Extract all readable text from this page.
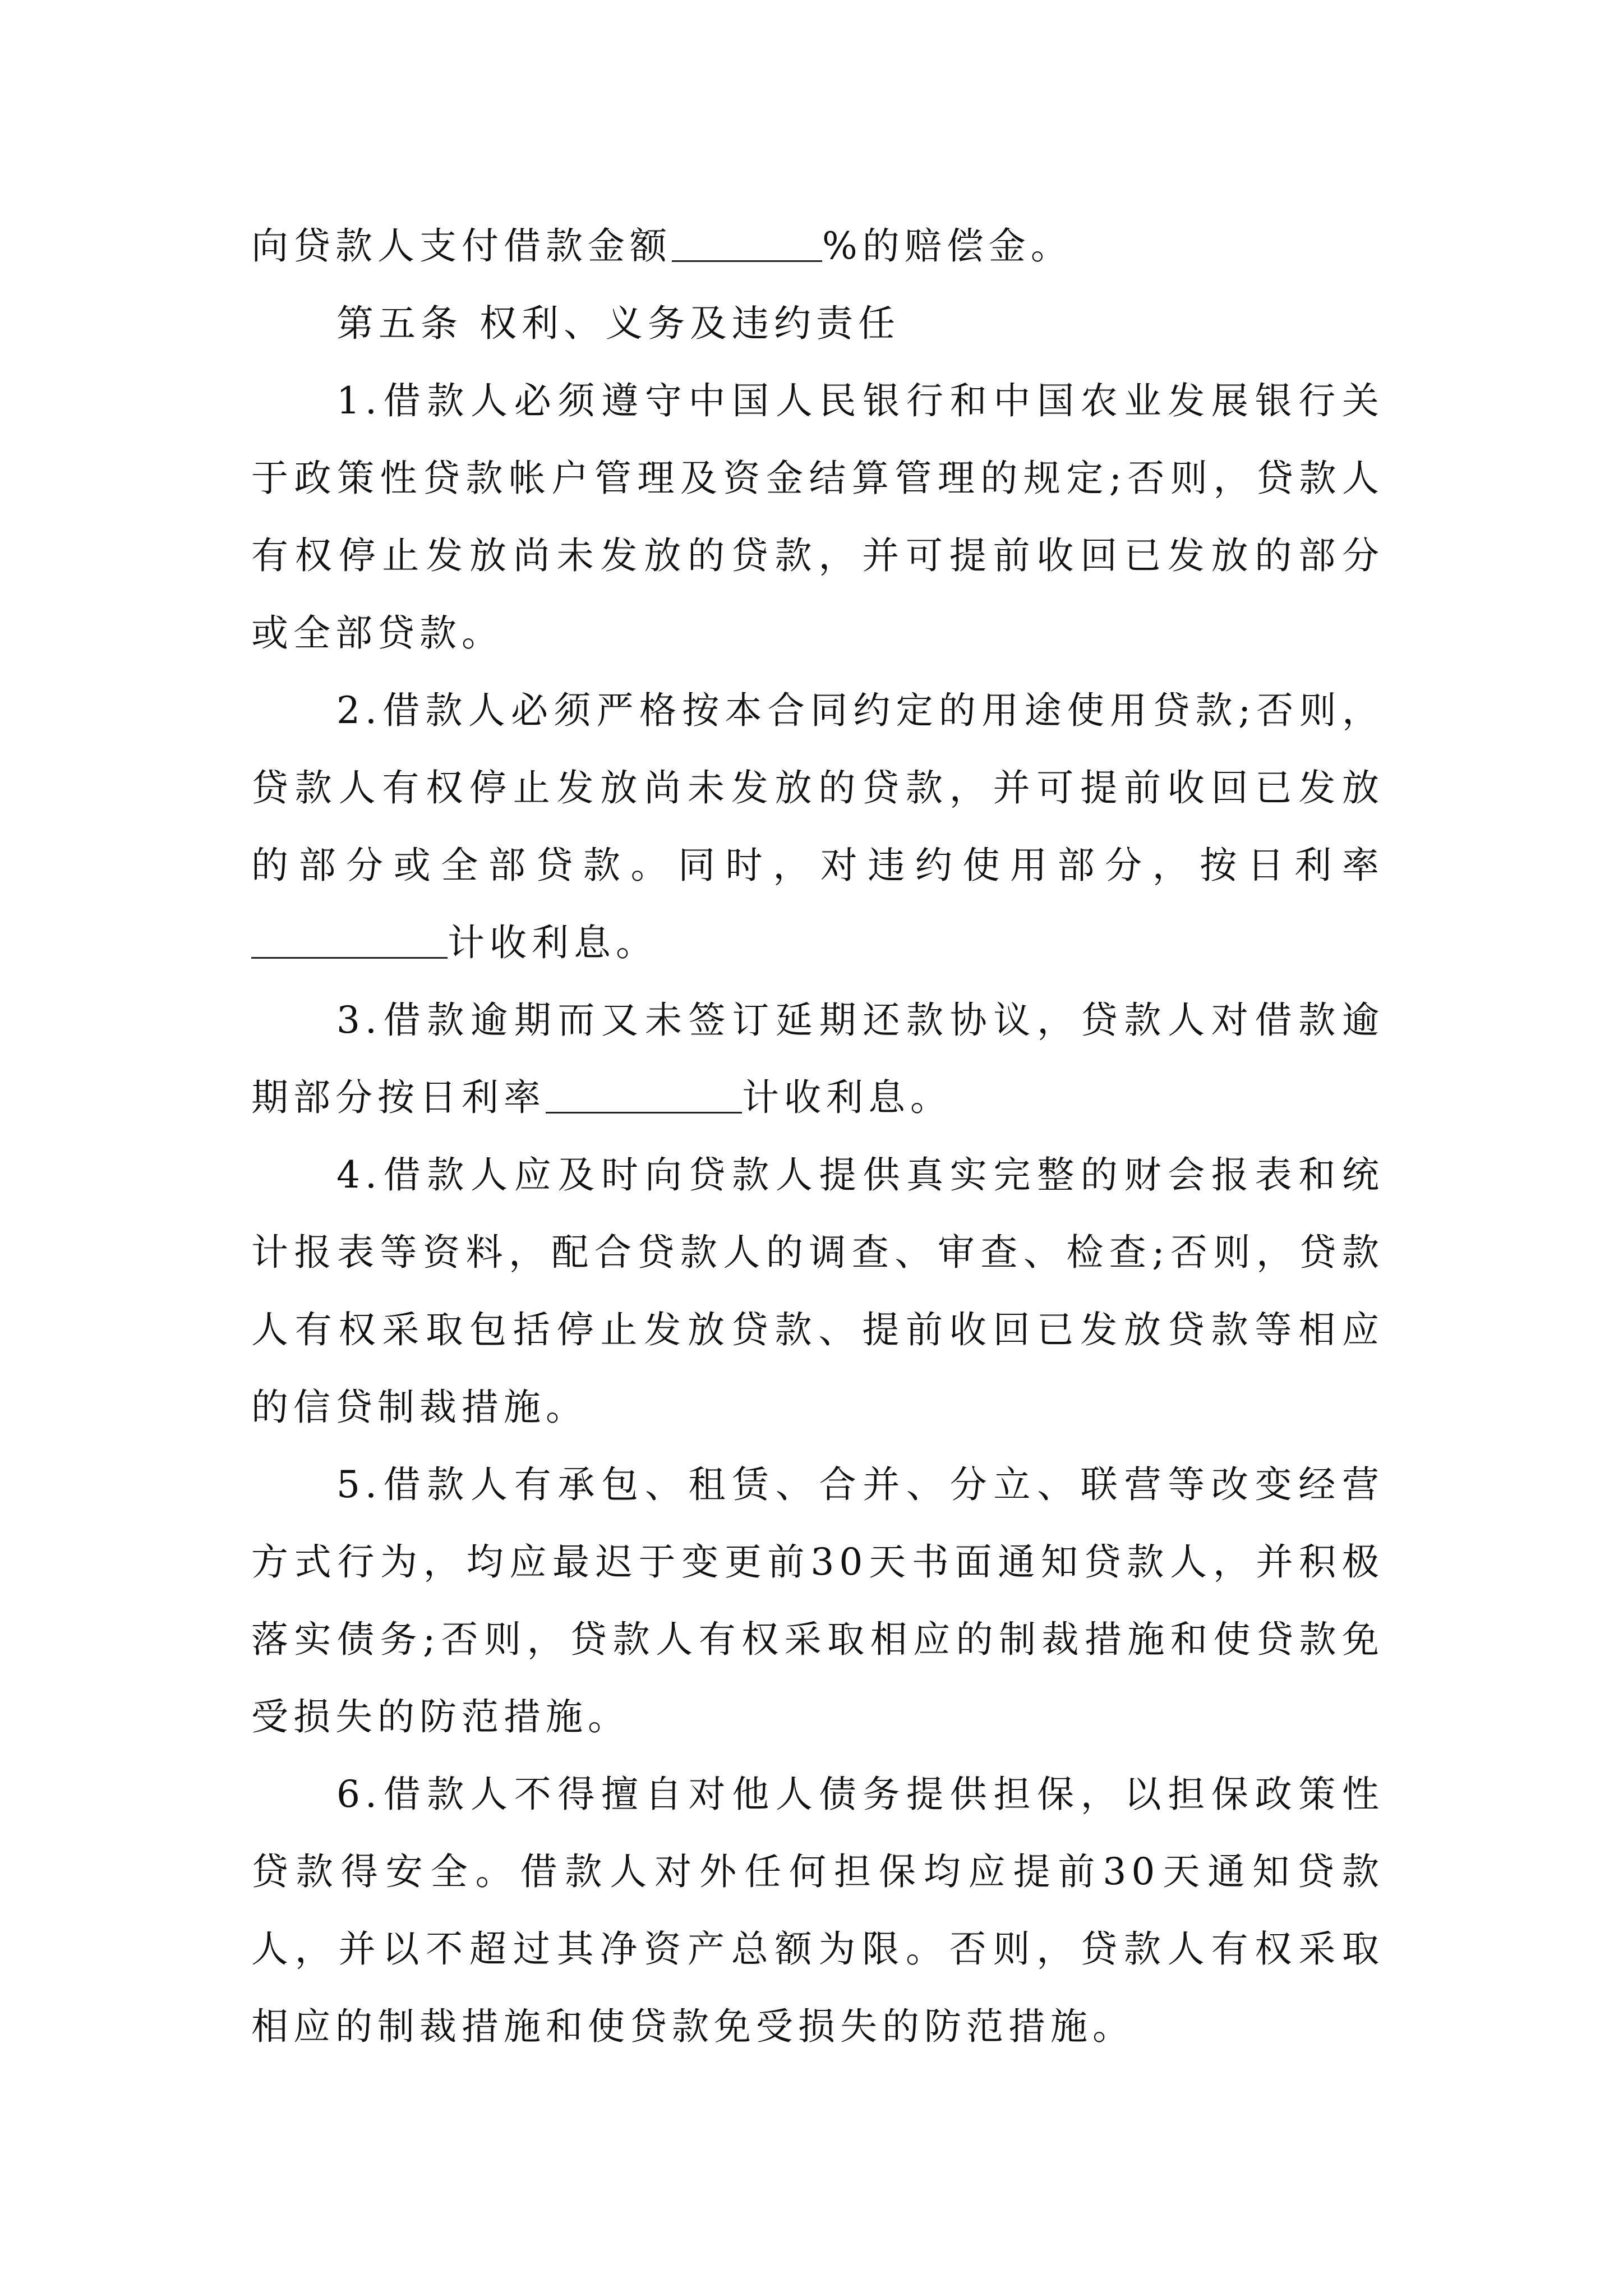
向贷款人支付借款金额	%的赔偿金。

第五条 权利、义务及违约责任

1.借款人必须遵守中国人民银行和中国农业发展银行关于政策性贷款帐户管理及资金结算管理的规定;否则，贷款人有权停止发放尚未发放的贷款，并可提前收回已发放的部分或全部贷款。

2.借款人必须严格按本合同约定的用途使用贷款;否则，贷款人有权停止发放尚未发放的贷款，并可提前收回已发放的部分或全部贷款。同时，对违约使用部分，按日利率计收利息。

3.借款逾期而又未签订延期还款协议，贷款人对借款逾期部分按日利率	计收利息。

4.借款人应及时向贷款人提供真实完整的财会报表和统计报表等资料，配合贷款人的调查、审查、检查;否则，贷款人有权采取包括停止发放贷款、提前收回已发放贷款等相应的信贷制裁措施。

5.借款人有承包、租赁、合并、分立、联营等改变经营方式行为，均应最迟于变更前30天书面通知贷款人，并积极落实债务;否则，贷款人有权采取相应的制裁措施和使贷款免受损失的防范措施。

6.借款人不得擅自对他人债务提供担保，以担保政策性贷款得安全。借款人对外任何担保均应提前30天通知贷款人，并以不超过其净资产总额为限。否则，贷款人有权采取相应的制裁措施和使贷款免受损失的防范措施。
